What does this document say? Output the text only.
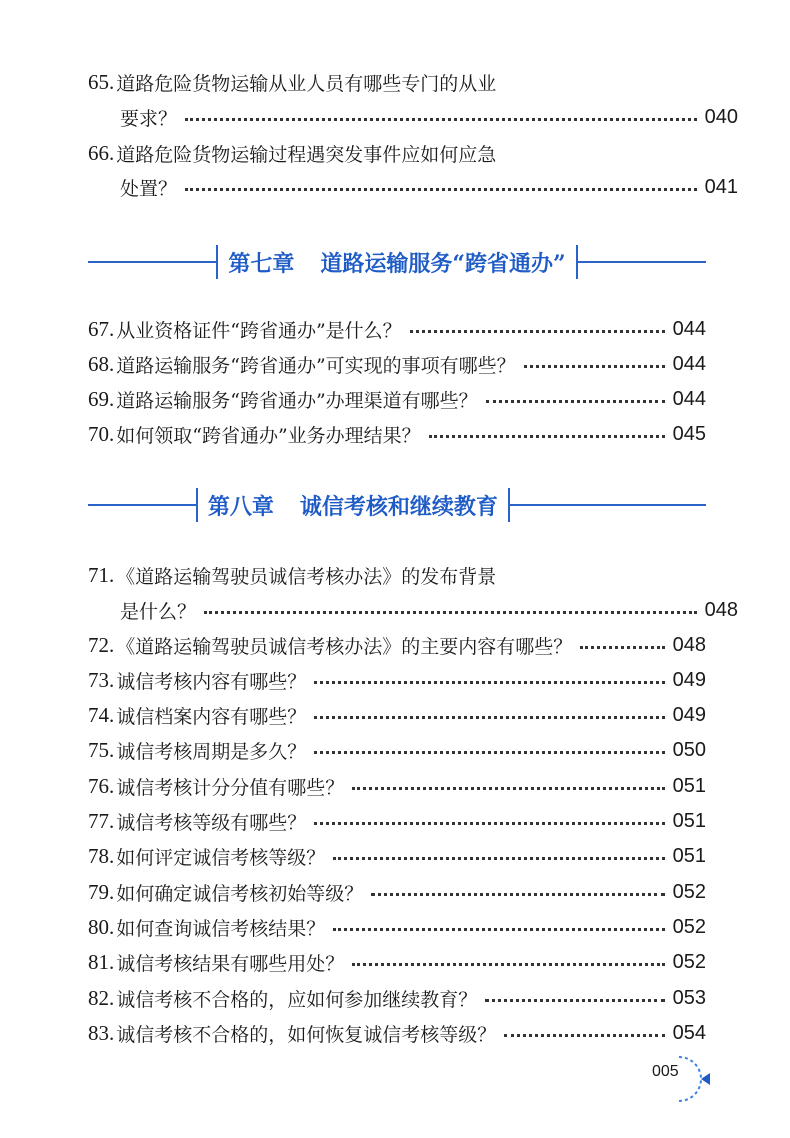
65. 道路危险货物运输从业人员有哪些专门的从业
要求？	040
66. 道路危险货物运输过程遇突发事件应如何应急
处置？	041
第七章 道路运输服务“跨省通办”
67. 从业资格证件“跨省通办”是什么？	044
68. 道路运输服务“跨省通办”可实现的事项有哪些？	044
69. 道路运输服务“跨省通办”办理渠道有哪些？	044
70. 如何领取“跨省通办”业务办理结果？	045
第八章 诚信考核和继续教育
71. 《道路运输驾驶员诚信考核办法》的发布背景
是什么？	048
72. 《道路运输驾驶员诚信考核办法》的主要内容有哪些？	048
73. 诚信考核内容有哪些？	049
74. 诚信档案内容有哪些？	049
75. 诚信考核周期是多久？	050
76. 诚信考核计分分值有哪些？	051
77. 诚信考核等级有哪些？	051
78. 如何评定诚信考核等级？	051
79. 如何确定诚信考核初始等级？	052
80. 如何查询诚信考核结果？	052
81. 诚信考核结果有哪些用处？	052
82. 诚信考核不合格的，应如何参加继续教育？	053
83. 诚信考核不合格的，如何恢复诚信考核等级？	054
005
